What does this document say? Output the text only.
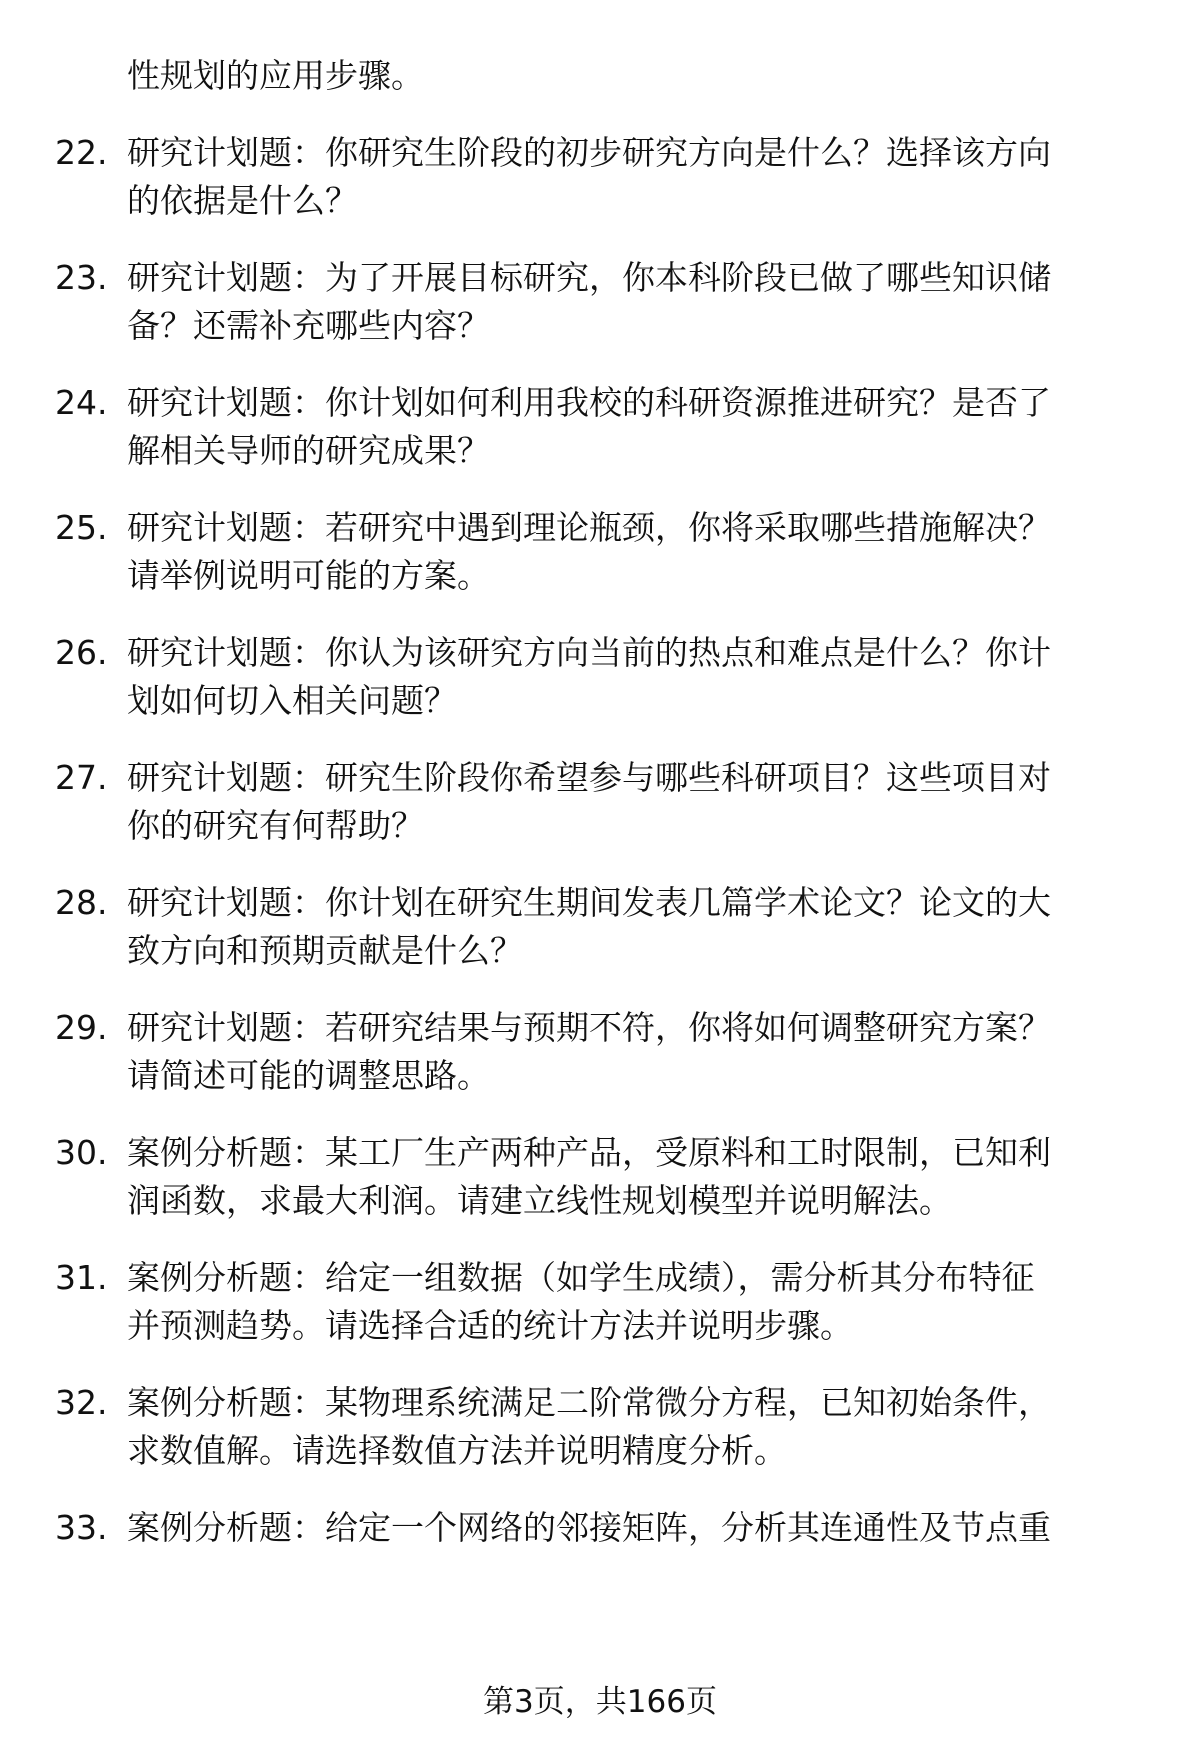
性规划的应用步骤。
22. 研究计划题：你研究生阶段的初步研究方向是什么？选择该方向
的依据是什么？
23. 研究计划题：为了开展目标研究，你本科阶段已做了哪些知识储
备？还需补充哪些内容？
24. 研究计划题：你计划如何利用我校的科研资源推进研究？是否了
解相关导师的研究成果？
25. 研究计划题：若研究中遇到理论瓶颈，你将采取哪些措施解决？
请举例说明可能的方案。
26. 研究计划题：你认为该研究方向当前的热点和难点是什么？你计
划如何切入相关问题？
27. 研究计划题：研究生阶段你希望参与哪些科研项目？这些项目对
你的研究有何帮助？
28. 研究计划题：你计划在研究生期间发表几篇学术论文？论文的大
致方向和预期贡献是什么？
29. 研究计划题：若研究结果与预期不符，你将如何调整研究方案？
请简述可能的调整思路。
30. 案例分析题：某工厂生产两种产品，受原料和工时限制，已知利
润函数，求最大利润。请建立线性规划模型并说明解法。
31. 案例分析题：给定一组数据（如学生成绩），需分析其分布特征
并预测趋势。请选择合适的统计方法并说明步骤。
32. 案例分析题：某物理系统满足二阶常微分方程，已知初始条件，
求数值解。请选择数值方法并说明精度分析。
33. 案例分析题：给定一个网络的邻接矩阵，分析其连通性及节点重
第3页，共166页
